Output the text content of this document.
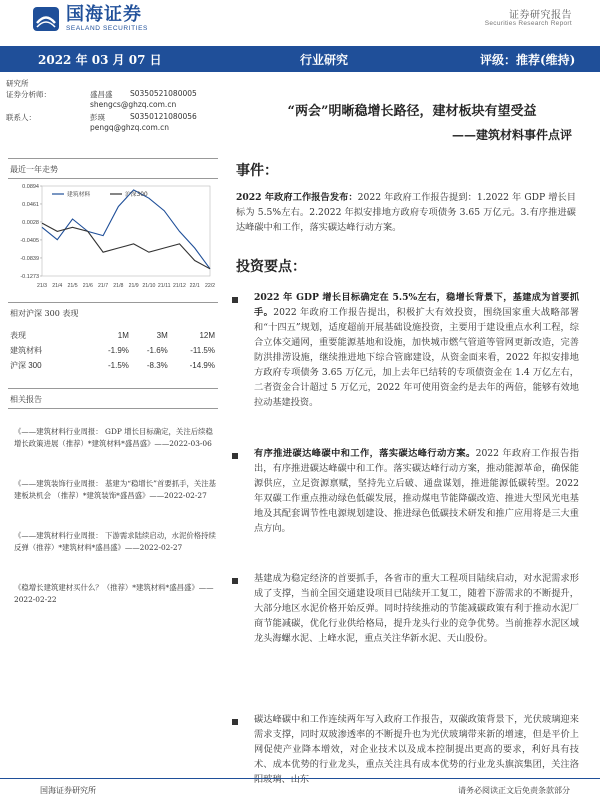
国海证券
SEALAND SECURITIES
证券研究报告
Securities Research Report
2022 年 03 月 07 日	行业研究	评级：推荐(维持)
研究所
证券分析师：	盛昌盛 S0350521080005
shengcs@ghzq.com.cn
联系人：	彭瑛	S0350121080056
pengq@ghzq.com.cn
最近一年走势
0.0894
0.0461
0.0028
-0.0405
-0.0839
-0.1273
21/3 21/4 21/5 21/6 21/7 21/8 21/9 21/10 21/11 21/12 22/1 22/2
建筑材料	沪深300
相对沪深 300 表现
表现	1M	3M	12M
建筑材料	-1.9%	-1.6%	-11.5%
沪深 300	-1.5%	-8.3%	-14.9%
相关报告
《——建筑材料行业周报： GDP 增长目标确定，关注后续稳增长政策进展（推荐）*建筑材料*盛昌盛》——2022-03-06
《——建筑装饰行业周报： 基建为“稳增长”首要抓手，关注基建板块机会 （推荐）*建筑装饰*盛昌盛》——2022-02-27
《——建筑材料行业周报： 下游需求陆续启动，水泥价格持续反弹（推荐）*建筑材料*盛昌盛》——2022-02-27
《稳增长建筑建材买什么？（推荐）*建筑材料*盛昌盛》——2022-02-22
“两会”明晰稳增长路径，建材板块有望受益
——建筑材料事件点评
事件：
2022 年政府工作报告发布：2022 年政府工作报告提到：1.2022 年 GDP 增长目标为 5.5%左右。2.2022 年拟安排地方政府专项债务 3.65 万亿元。3.有序推进碳达峰碳中和工作，落实碳达峰行动方案。
投资要点：
2022 年 GDP 增长目标确定在 5.5%左右，稳增长背景下，基建成为首要抓手。2022 年政府工作报告提出，积极扩大有效投资，围绕国家重大战略部署和“十四五”规划，适度超前开展基础设施投资，主要用于建设重点水利工程，综合立体交通网，重要能源基地和设施，加快城市燃气管道等管网更新改造，完善防洪排涝设施，继续推进地下综合管廊建设，从资金面来看，2022 年拟安排地方政府专项债务 3.65 万亿元，加上去年已结转的专项债资金在 1.4 万亿左右，二者资金合计超过 5 万亿元，2022 年可使用资金约是去年的两倍，能够有效地拉动基建投资。
有序推进碳达峰碳中和工作，落实碳达峰行动方案。2022 年政府工作报告指出，有序推进碳达峰碳中和工作。落实碳达峰行动方案，推动能源革命，确保能源供应，立足资源禀赋，坚持先立后破、通盘谋划，推进能源低碳转型。2022 年双碳工作重点推动绿色低碳发展，推动煤电节能降碳改造、推进大型风光电基地及其配套调节性电源规划建设、推进绿色低碳技术研发和推广应用将是三大重点方向。
基建成为稳定经济的首要抓手，各省市的重大工程项目陆续启动，对水泥需求形成了支撑，当前全国交通建设项目已陆续开工复工，随着下游需求的不断提升，大部分地区水泥价格开始反弹。同时持续推动的节能减碳政策有利于推动水泥厂商节能减碳，优化行业供给格局，提升龙头行业的竞争优势。当前推荐水泥区域龙头海螺水泥、上峰水泥，重点关注华新水泥、天山股份。
碳达峰碳中和工作连续两年写入政府工作报告，双碳政策背景下，光伏玻璃迎来需求支撑，同时双玻渗透率的不断提升也为光伏玻璃带来新的增速，但是平价上网促使产业降本增效，对企业技术以及成本控制提出更高的要求，利好具有技术、成本优势的行业龙头，重点关注具有成本优势的行业龙头旗滨集团，关注洛阳玻璃、山东
国海证券研究所	请务必阅读正文后免责条款部分
